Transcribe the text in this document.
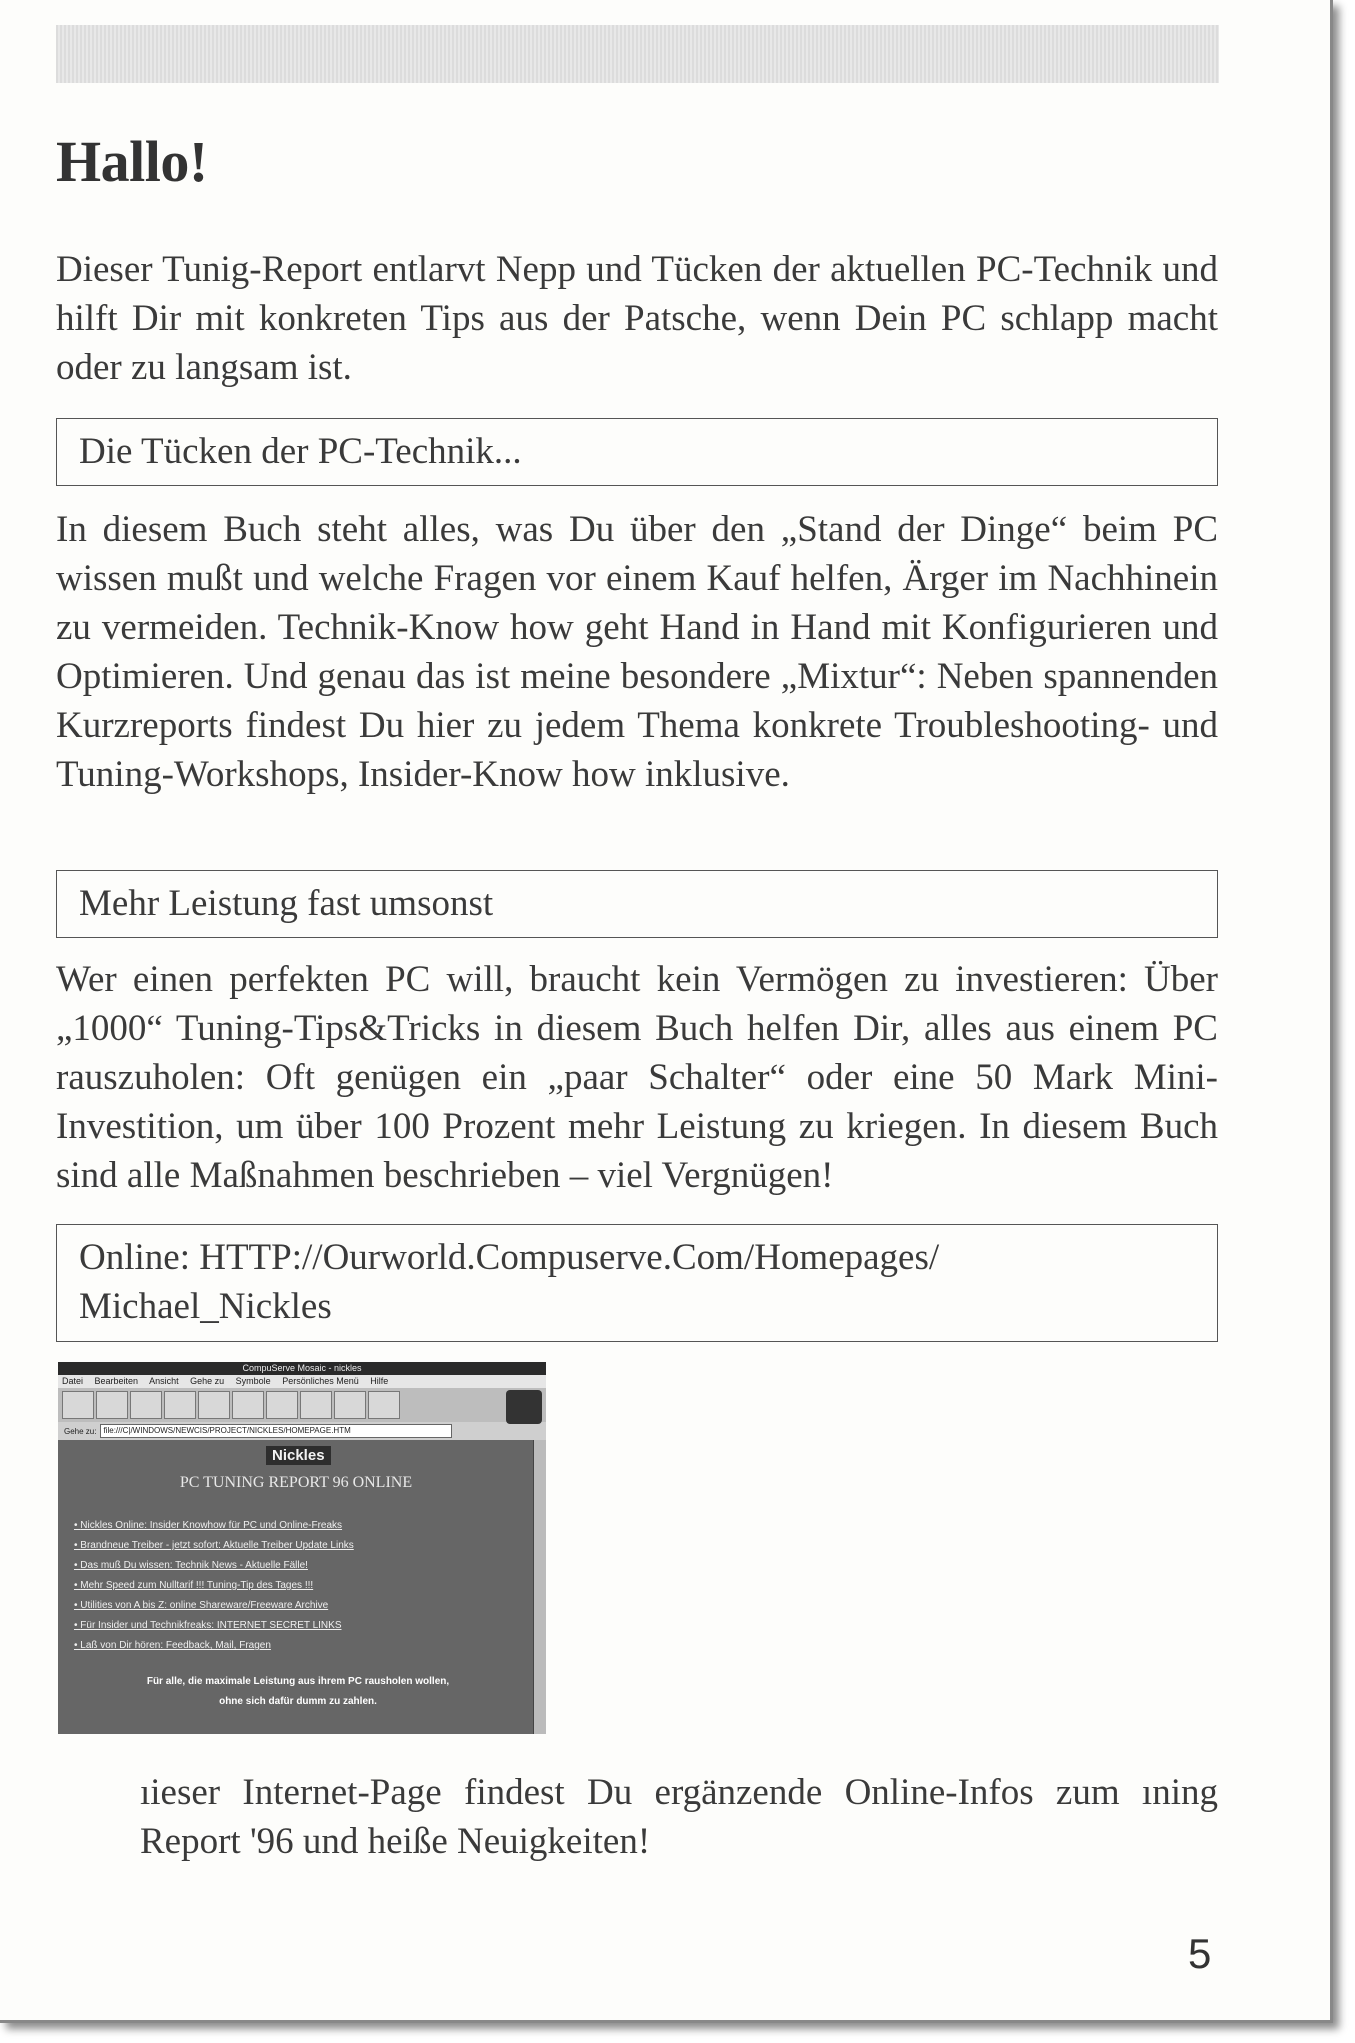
Hallo!
Dieser Tunig-Report entlarvt Nepp und Tücken der aktuellen PC-Technik und hilft Dir mit konkreten Tips aus der Patsche, wenn Dein PC schlapp macht oder zu langsam ist.
Die Tücken der PC-Technik...
In diesem Buch steht alles, was Du über den „Stand der Dinge“ beim PC wissen mußt und welche Fragen vor einem Kauf helfen, Ärger im Nachhinein zu vermeiden. Technik-Know how geht Hand in Hand mit Konfigurieren und Optimieren. Und genau das ist meine besondere „Mixtur“: Neben spannenden Kurzreports findest Du hier zu jedem Thema konkrete Troubleshooting- und Tuning-Workshops, Insider-Know how inklusive.
Mehr Leistung fast umsonst
Wer einen perfekten PC will, braucht kein Vermögen zu investieren: Über „1000“ Tuning-Tips&Tricks in diesem Buch helfen Dir, alles aus einem PC rauszuholen: Oft genügen ein „paar Schalter“ oder eine 50 Mark Mini-Investition, um über 100 Prozent mehr Leistung zu kriegen. In diesem Buch sind alle Maßnahmen beschrieben – viel Vergnügen!
Online: HTTP://Ourworld.Compuserve.Com/Homepages/
Michael_Nickles
CompuServe Mosaic - nickles
Datei Bearbeiten Ansicht Gehe zu Symbole Persönliches Menü Hilfe
Gehe zu: file:///C|/WINDOWS/NEWCIS/PROJECT/NICKLES/HOMEPAGE.HTM
Nickles
PC TUNING REPORT 96 ONLINE
• Nickles Online: Insider Knowhow für PC und Online-Freaks
• Brandneue Treiber - jetzt sofort: Aktuelle Treiber Update Links
• Das muß Du wissen: Technik News - Aktuelle Fälle!
• Mehr Speed zum Nulltarif !!! Tuning-Tip des Tages !!!
• Utilities von A bis Z: online Shareware/Freeware Archive
• Für Insider und Technikfreaks: INTERNET SECRET LINKS
• Laß von Dir hören: Feedback, Mail, Fragen
Für alle, die maximale Leistung aus ihrem PC rausholen wollen,
ohne sich dafür dumm zu zahlen.
ıieser Internet-Page findest Du ergänzende Online-Infos zum ıning Report '96 und heiße Neuigkeiten!
5
